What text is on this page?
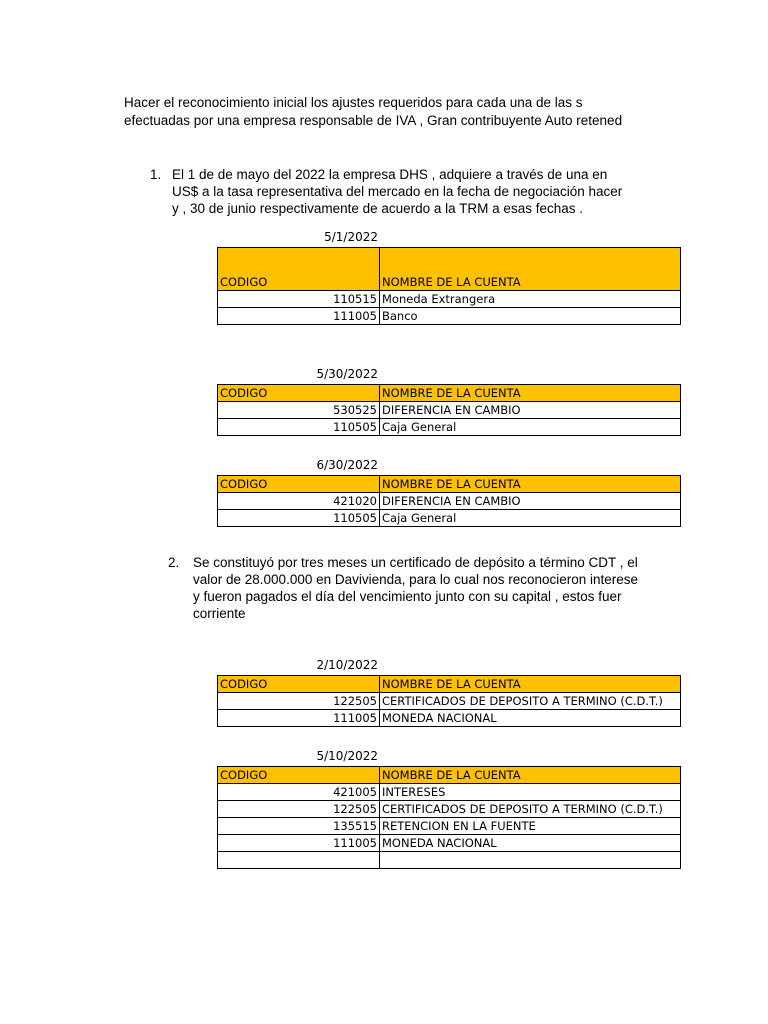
Hacer el reconocimiento inicial los ajustes requeridos para cada una de las s
efectuadas por una empresa responsable de IVA , Gran contribuyente Auto retened
1. El 1 de de mayo del 2022 la empresa DHS , adquiere a través de una en
US$ a la tasa representativa del mercado en la fecha de negociación hacer
y , 30 de junio respectivamente de acuerdo a la TRM a esas fechas .
5/1/2022
CODIGO	NOMBRE DE LA CUENTA
110515	Moneda Extrangera
111005	Banco
5/30/2022
CODIGO	NOMBRE DE LA CUENTA
530525	DIFERENCIA EN CAMBIO
110505	Caja General
6/30/2022
CODIGO	NOMBRE DE LA CUENTA
421020	DIFERENCIA EN CAMBIO
110505	Caja General
2. Se constituyó por tres meses un certificado de depósito a término CDT , el
valor de 28.000.000 en Davivienda, para lo cual nos reconocieron interese
y fueron pagados el día del vencimiento junto con su capital , estos fuer
corriente
2/10/2022
CODIGO	NOMBRE DE LA CUENTA
122505	CERTIFICADOS DE DEPOSITO A TERMINO (C.D.T.)
111005	MONEDA NACIONAL
5/10/2022
CODIGO	NOMBRE DE LA CUENTA
421005	INTERESES
122505	CERTIFICADOS DE DEPOSITO A TERMINO (C.D.T.)
135515	RETENCION EN LA FUENTE
111005	MONEDA NACIONAL
